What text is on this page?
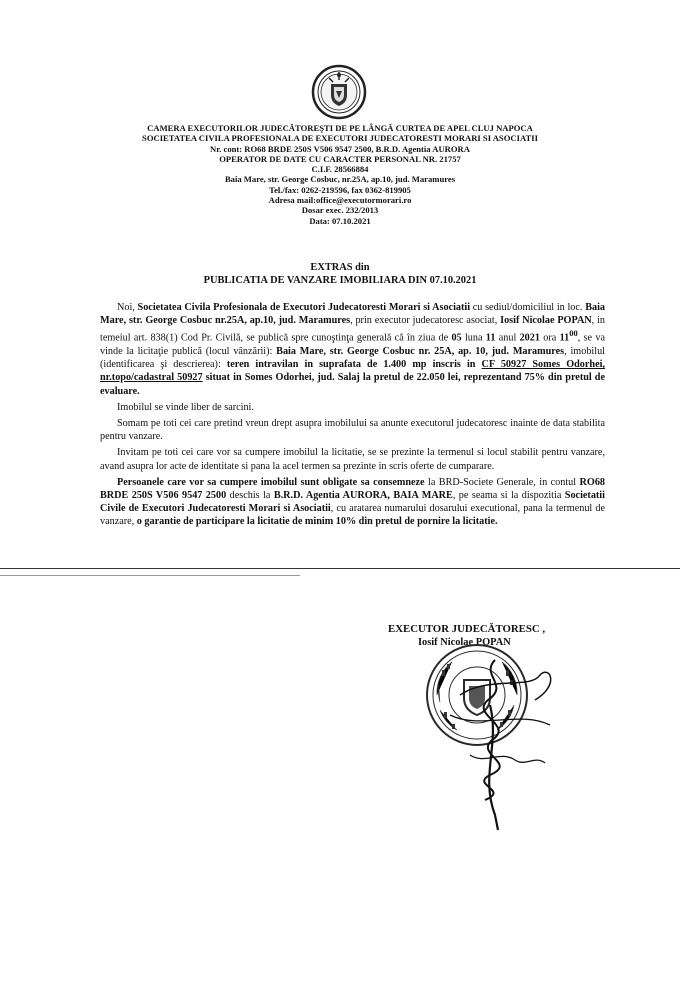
CAMERA EXECUTORILOR JUDECĂTOREŞTI DE PE LÂNGĂ CURTEA DE APEL CLUJ NAPOCA
SOCIETATEA CIVILA PROFESIONALA DE EXECUTORI JUDECATORESTI MORARI SI ASOCIATII
Nr. cont: RO68 BRDE 250S V506 9547 2500, B.R.D. Agentia AURORA
OPERATOR DE DATE CU CARACTER PERSONAL NR. 21757
C.I.F. 28566884
Baia Mare, str. George Cosbuc, nr.25A, ap.10, jud. Maramures
Tel./fax: 0262-219596, fax 0362-819905
Adresa mail:office@executormorari.ro
Dosar exec. 232/2013
Data: 07.10.2021
EXTRAS din
PUBLICATIA DE VANZARE IMOBILIARA DIN 07.10.2021

Noi, Societatea Civila Profesionala de Executori Judecatoresti Morari si Asociatii cu sediul/domiciliul in loc. Baia Mare, str. George Cosbuc nr.25A, ap.10, jud. Maramures, prin executor judecatoresc asociat, Iosif Nicolae POPAN, in temeiul art. 838(1) Cod Pr. Civilă, se publică spre cunoştinţa generală că în ziua de 05 luna 11 anul 2021 ora $11^{00}$, se va vinde la licitaţie publică (locul vânzării): Baia Mare, str. George Cosbuc nr. 25A, ap. 10, jud. Maramures, imobilul (identificarea şi descrierea): teren intravilan in suprafata de 1.400 mp inscris in CF 50927 Somes Odorhei, nr.topo/cadastral 50927 situat in Somes Odorhei, jud. Salaj la pretul de 22.050 lei, reprezentand 75% din pretul de evaluare.

Imobilul se vinde liber de sarcini.

Somam pe toti cei care pretind vreun drept asupra imobilului sa anunte executorul judecatoresc inainte de data stabilita pentru vanzare.

Invitam pe toti cei care vor sa cumpere imobilul la licitatie, se se prezinte la termenul si locul stabilit pentru vanzare, avand asupra lor acte de identitate si pana la acel termen sa prezinte in scris oferte de cumparare.

Persoanele care vor sa cumpere imobilul sunt obligate sa consemneze la BRD-Societe Generale, in contul RO68 BRDE 250S V506 9547 2500 deschis la B.R.D. Agentia AURORA, BAIA MARE, pe seama si la dispozitia Societatii Civile de Executori Judecatoresti Morari si Asociatii, cu aratarea numarului dosarului executional, pana la termenul de vanzare, o garantie de participare la licitatie de minim 10% din pretul de pornire la licitatie.

EXECUTOR JUDECĂTORESC ,
Iosif Nicolae POPAN
